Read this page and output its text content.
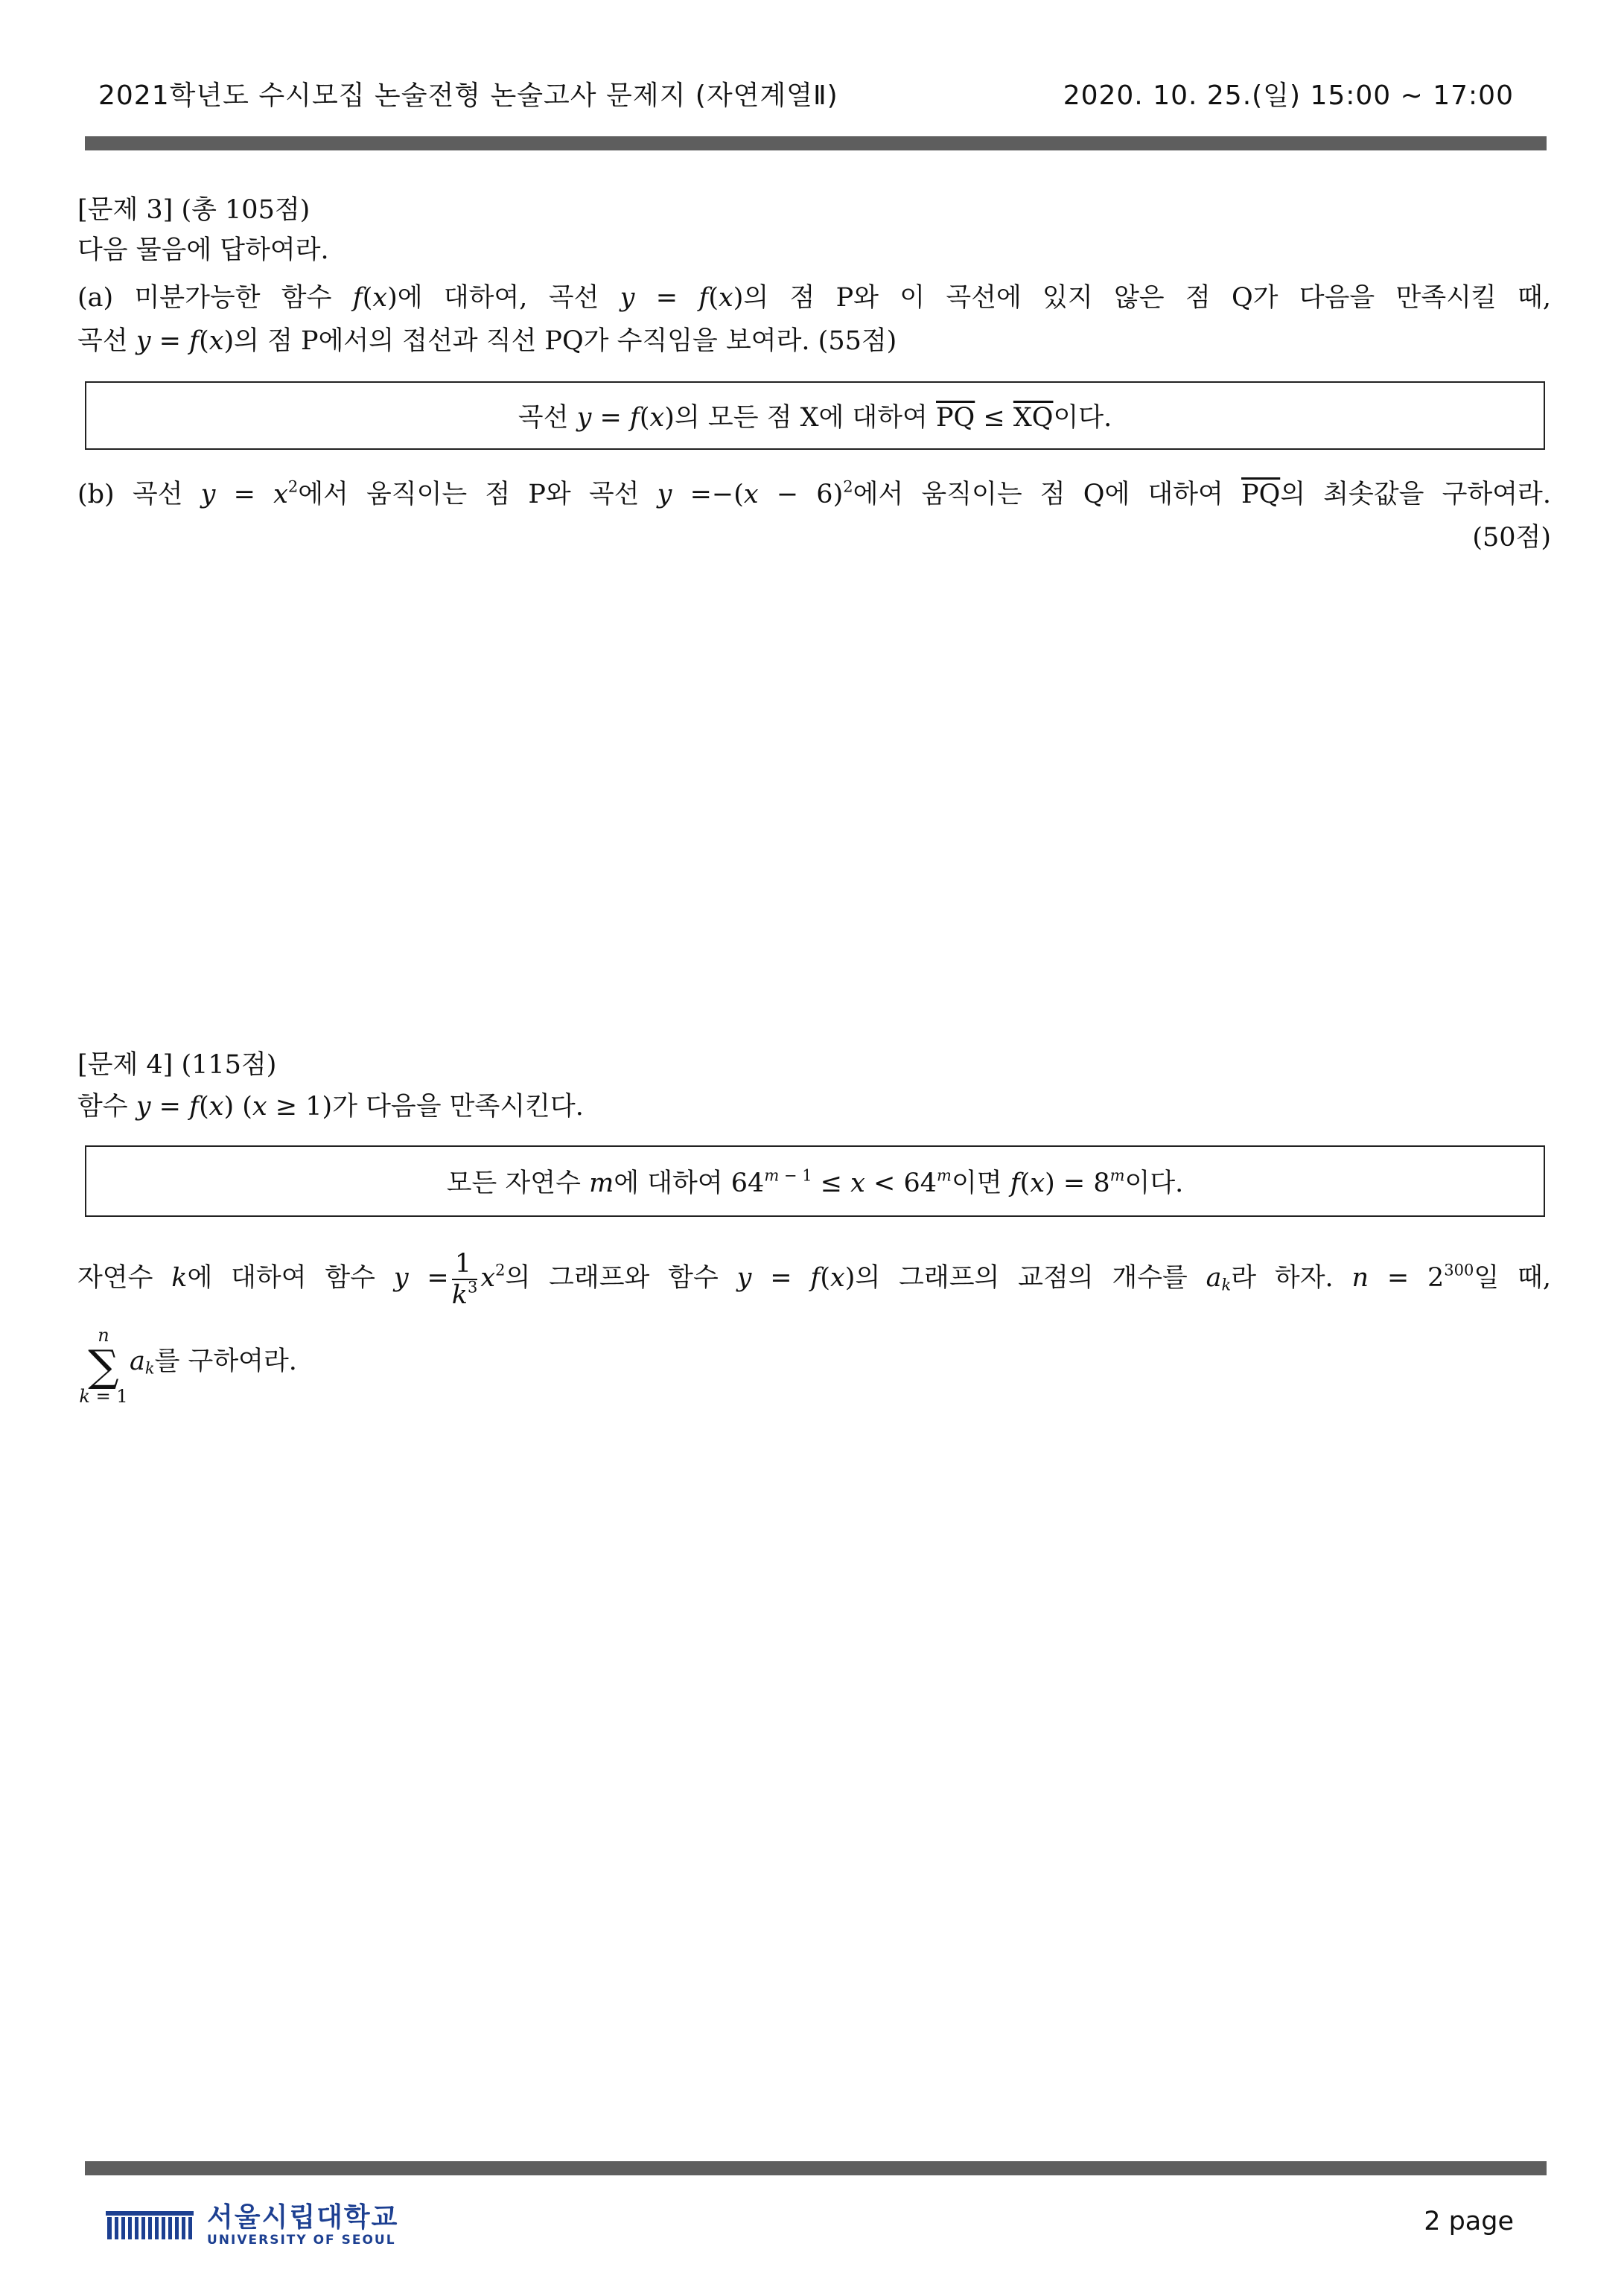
2021학년도 수시모집 논술전형 논술고사 문제지 (자연계열Ⅱ)	2020. 10. 25.(일) 15:00 ~ 17:00
[문제 3] (총 105점)
다음 물음에 답하여라.
(a) 미분가능한 함수 f(x)에 대하여, 곡선 y = f(x)의 점 P와 이 곡선에 있지 않은 점 Q가 다음을 만족시킬 때,
곡선 y = f(x)의 점 P에서의 접선과 직선 PQ가 수직임을 보여라. (55점)
곡선 y = f(x)의 모든 점 X에 대하여 $\overline{PQ} \le \overline{XQ}$이다.
(b) 곡선 $y = x^2$에서 움직이는 점 P와 곡선 $y =-(x - 6)^2$에서 움직이는 점 Q에 대하여 $\overline{PQ}$의 최솟값을 구하여라.
(50점)
[문제 4] (115점)
함수 y = f(x) (x ≥ 1)가 다음을 만족시킨다.
모든 자연수 m에 대하여 $64^{m - 1} \le x < 64^m$이면 $f(x) = 8^m$이다.
자연수 k에 대하여 함수 $y = \frac{1}{k^3} x^2$의 그래프와 함수 y = f(x)의 그래프의 교점의 개수를 $a_k$라 하자. $n = 2^{300}$일 때,
n
∑
k = 1
$a_k$를 구하여라.
서울시립대학교
UNIVERSITY OF SEOUL
2 page
